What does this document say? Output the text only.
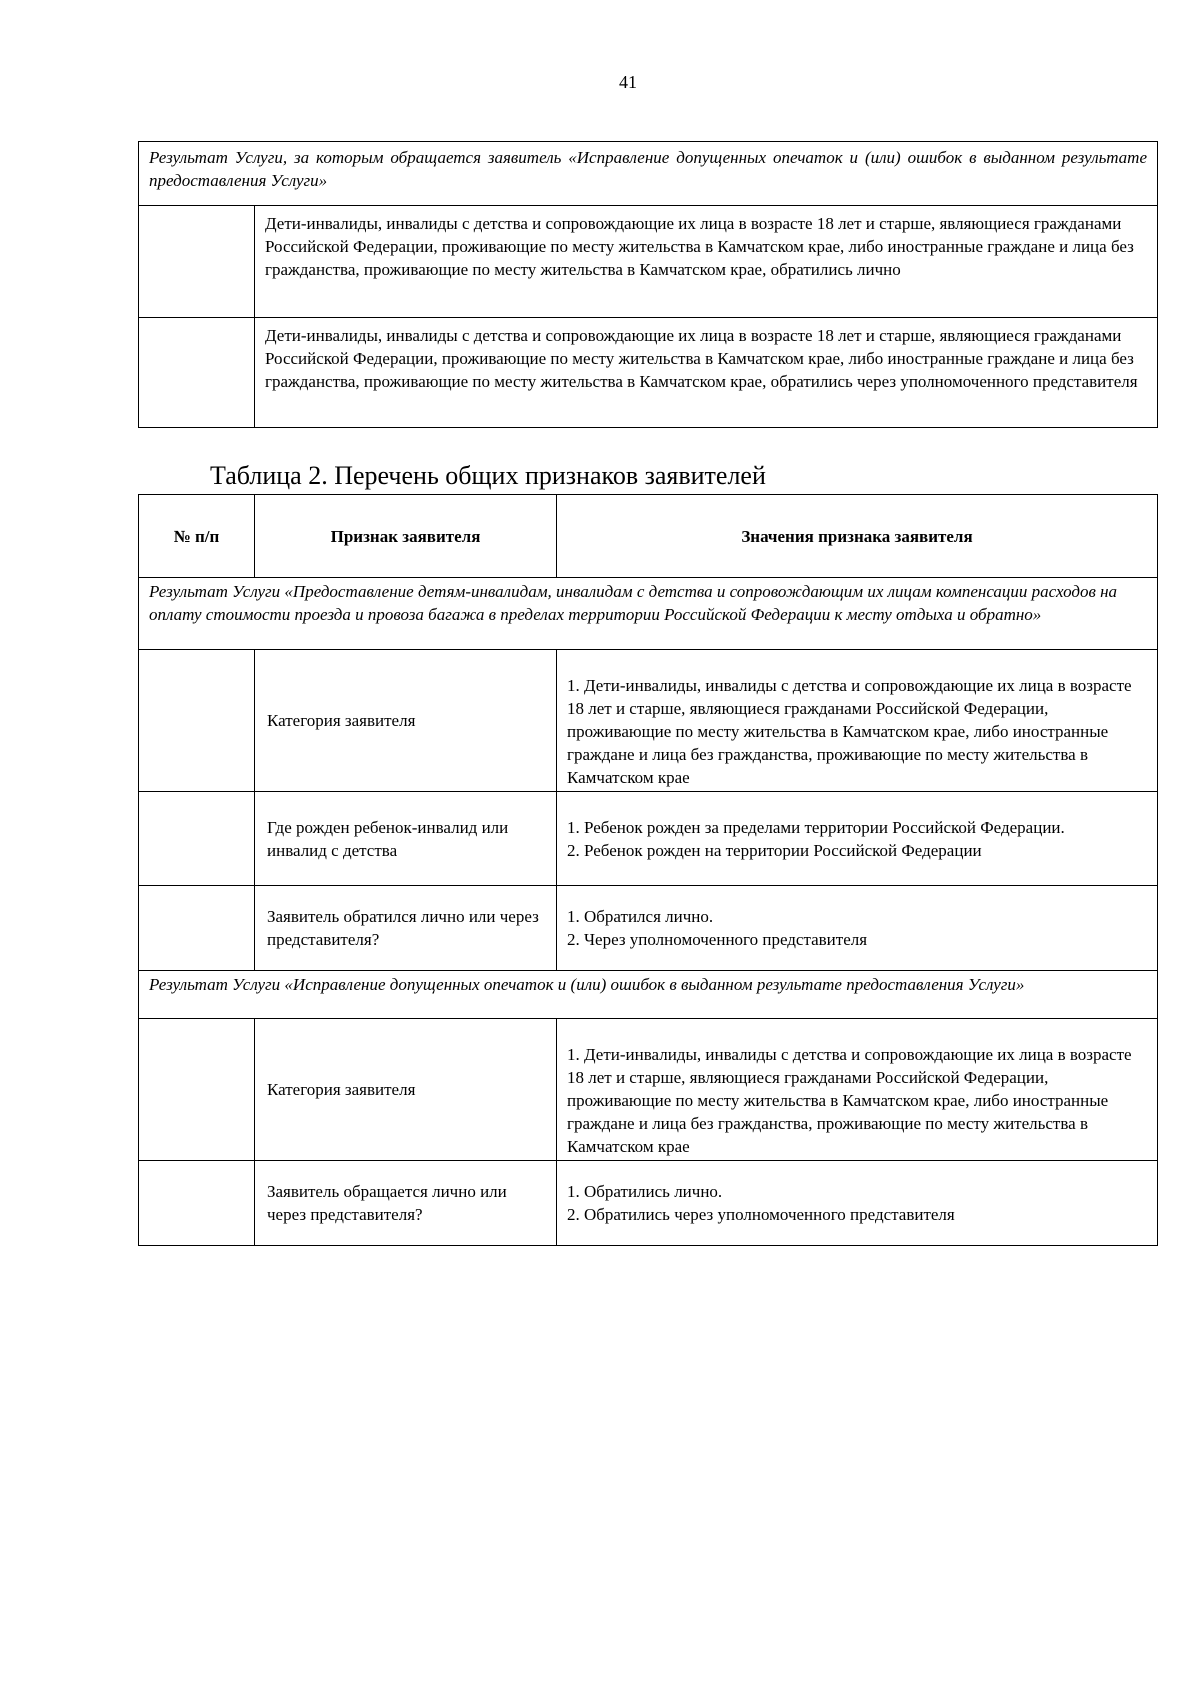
41
Результат Услуги, за которым обращается заявитель «Исправление допущенных опечаток и (или) ошибок в выданном результате предоставления Услуги»	
	Дети-инвалиды, инвалиды с детства и сопровождающие их лица в возрасте 18 лет и старше, являющиеся гражданами Российской Федерации, проживающие по месту жительства в Камчатском крае, либо иностранные граждане и лица без гражданства, проживающие по месту жительства в Камчатском крае, обратились лично
	Дети-инвалиды, инвалиды с детства и сопровождающие их лица в возрасте 18 лет и старше, являющиеся гражданами Российской Федерации, проживающие по месту жительства в Камчатском крае, либо иностранные граждане и лица без гражданства, проживающие по месту жительства в Камчатском крае, обратились через уполномоченного представителя
Таблица 2. Перечень общих признаков заявителей
№ п/п	Признак заявителя	Значения признака заявителя
Результат Услуги «Предоставление детям-инвалидам, инвалидам с детства и сопровождающим их лицам компенсации расходов на оплату стоимости проезда и провоза багажа в пределах территории Российской Федерации к месту отдыха и обратно»		
	Категория заявителя	1. Дети-инвалиды, инвалиды с детства и сопровождающие их лица в возрасте 18 лет и старше, являющиеся гражданами Российской Федерации, проживающие по месту жительства в Камчатском крае, либо иностранные граждане и лица без гражданства, проживающие по месту жительства в Камчатском крае

	Где рожден ребенок-инвалид или инвалид с детства	1. Ребенок рожден за пределами территории Российской Федерации.
2. Ребенок рожден на территории Российской Федерации

	Заявитель обратился лично или через представителя?	1. Обратился лично.
2. Через уполномоченного представителя

Результат Услуги «Исправление допущенных опечаток и (или) ошибок в выданном результате предоставления Услуги»		
	Категория заявителя	1. Дети-инвалиды, инвалиды с детства и сопровождающие их лица в возрасте 18 лет и старше, являющиеся гражданами Российской Федерации, проживающие по месту жительства в Камчатском крае, либо иностранные граждане и лица без гражданства, проживающие по месту жительства в Камчатском крае

	Заявитель обращается лично или через представителя?	1. Обратились лично.
2. Обратились через уполномоченного представителя
